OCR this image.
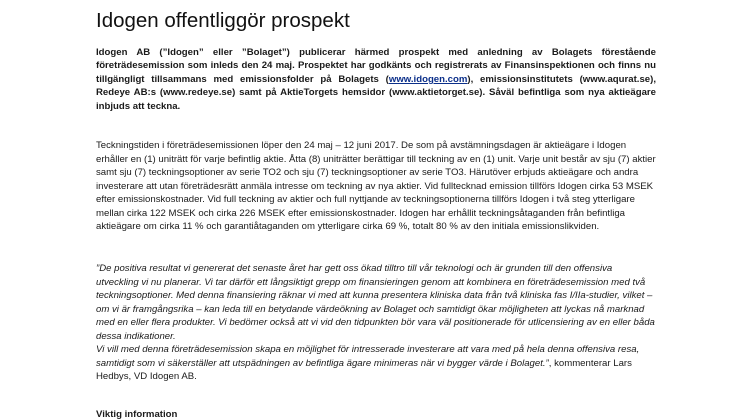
Idogen offentliggör prospekt

Idogen AB (”Idogen” eller ”Bolaget”) publicerar härmed prospekt med anledning av Bolagets förestående företrädesemission som inleds den 24 maj. Prospektet har godkänts och registrerats av Finansinspektionen och finns nu tillgängligt tillsammans med emissionsfolder på Bolagets (www.idogen.com), emissionsinstitutets (www.aqurat.se), Redeye AB:s (www.redeye.se) samt på AktieTorgets hemsidor (www.aktietorget.se). Såväl befintliga som nya aktieägare inbjuds att teckna.

Teckningstiden i företrädesemissionen löper den 24 maj – 12 juni 2017. De som på avstämningsdagen är aktieägare i Idogen erhåller en (1) uniträtt för varje befintlig aktie. Åtta (8) uniträtter berättigar till teckning av en (1) unit. Varje unit består av sju (7) aktier samt sju (7) teckningsoptioner av serie TO2 och sju (7) teckningsoptioner av serie TO3. Härutöver erbjuds aktieägare och andra investerare att utan företrädesrätt anmäla intresse om teckning av nya aktier. Vid fulltecknad emission tillförs Idogen cirka 53 MSEK efter emissionskostnader. Vid full teckning av aktier och full nyttjande av teckningsoptionerna tillförs Idogen i två steg ytterligare mellan cirka 122 MSEK och cirka 226 MSEK efter emissionskostnader. Idogen har erhållit teckningsåtaganden från befintliga aktieägare om cirka 11 % och garantiåtaganden om ytterligare cirka 69 %, totalt 80 % av den initiala emissionslikviden.

”De positiva resultat vi genererat det senaste året har gett oss ökad tilltro till vår teknologi och är grunden till den offensiva utveckling vi nu planerar. Vi tar därför ett långsiktigt grepp om finansieringen genom att kombinera en företrädesemission med två teckningsoptioner. Med denna finansiering räknar vi med att kunna presentera kliniska data från två kliniska fas I/IIa-studier, vilket – om vi är framgångsrika – kan leda till en betydande värdeökning av Bolaget och samtidigt ökar möjligheten att lyckas nå marknad med en eller flera produkter. Vi bedömer också att vi vid den tidpunkten bör vara väl positionerade för utlicensiering av en eller båda dessa indikationer.

Vi vill med denna företrädesemission skapa en möjlighet för intresserade investerare att vara med på hela denna offensiva resa, samtidigt som vi säkerställer att utspädningen av befintliga ägare minimeras när vi bygger värde i Bolaget.”, kommenterar Lars Hedbys, VD Idogen AB.

Viktig information
